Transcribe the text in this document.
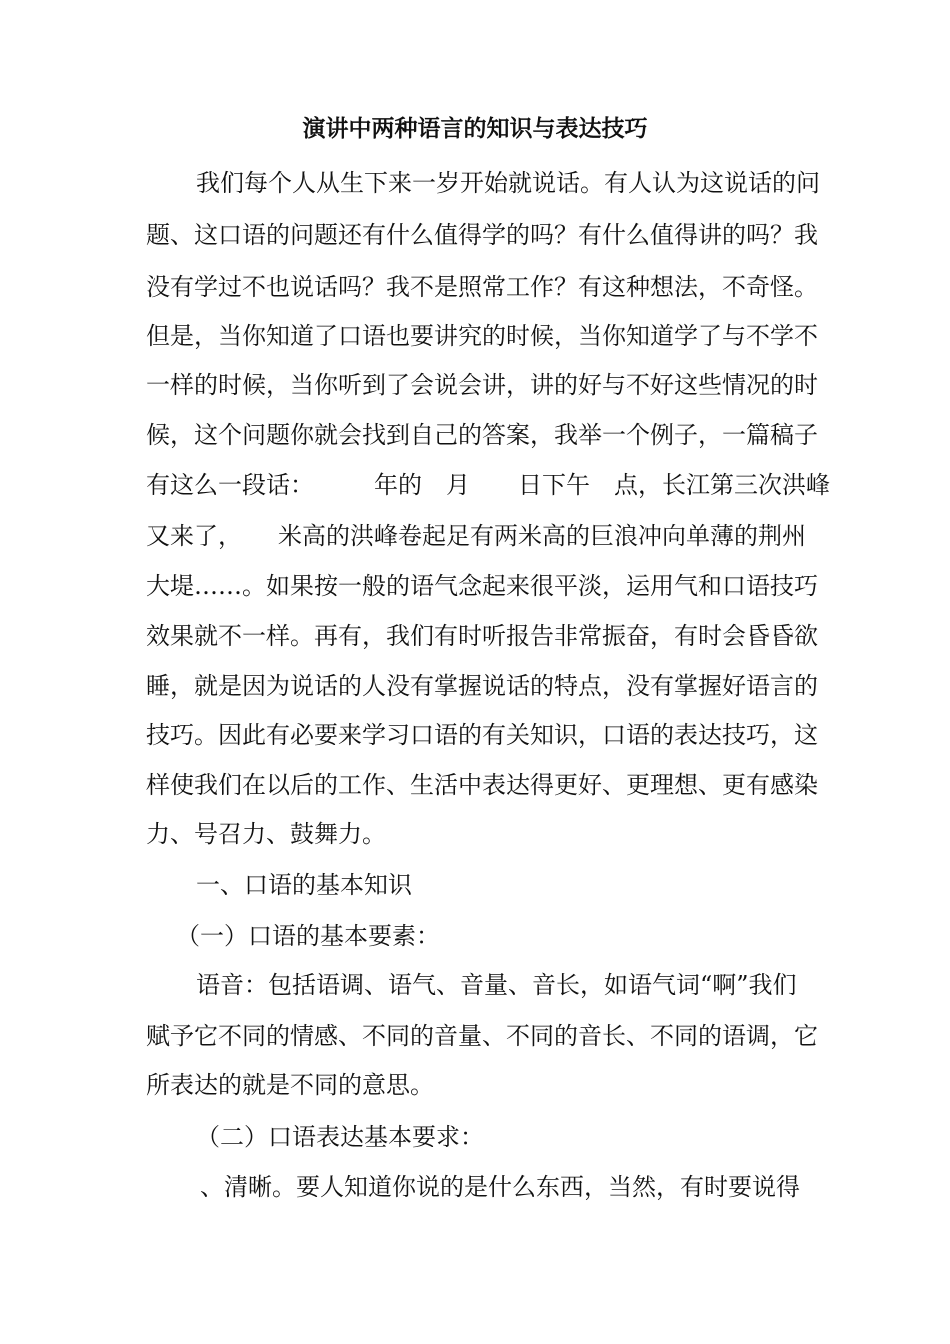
演讲中两种语言的知识与表达技巧

我们每个人从生下来一岁开始就说话。有人认为这说话的问

题、这口语的问题还有什么值得学的吗？有什么值得讲的吗？我

没有学过不也说话吗？我不是照常工作？有这种想法，不奇怪。

但是，当你知道了口语也要讲究的时候，当你知道学了与不学不

一样的时候，当你听到了会说会讲，讲的好与不好这些情况的时

候，这个问题你就会找到自己的答案，我举一个例子，一篇稿子

有这么一段话：　　　年的　月　　日下午　点，长江第三次洪峰

又来了，　　米高的洪峰卷起足有两米高的巨浪冲向单薄的荆州

大堤……。如果按一般的语气念起来很平淡，运用气和口语技巧

效果就不一样。再有，我们有时听报告非常振奋，有时会昏昏欲

睡，就是因为说话的人没有掌握说话的特点，没有掌握好语言的

技巧。因此有必要来学习口语的有关知识，口语的表达技巧，这

样使我们在以后的工作、生活中表达得更好、更理想、更有感染

力、号召力、鼓舞力。

一、口语的基本知识
（一）口语的基本要素：

语音：包括语调、语气、音量、音长，如语气词“啊”我们

赋予它不同的情感、不同的音量、不同的音长、不同的语调，它

所表达的就是不同的意思。

（二）口语表达基本要求：

、清晰。要人知道你说的是什么东西，当然，有时要说得
